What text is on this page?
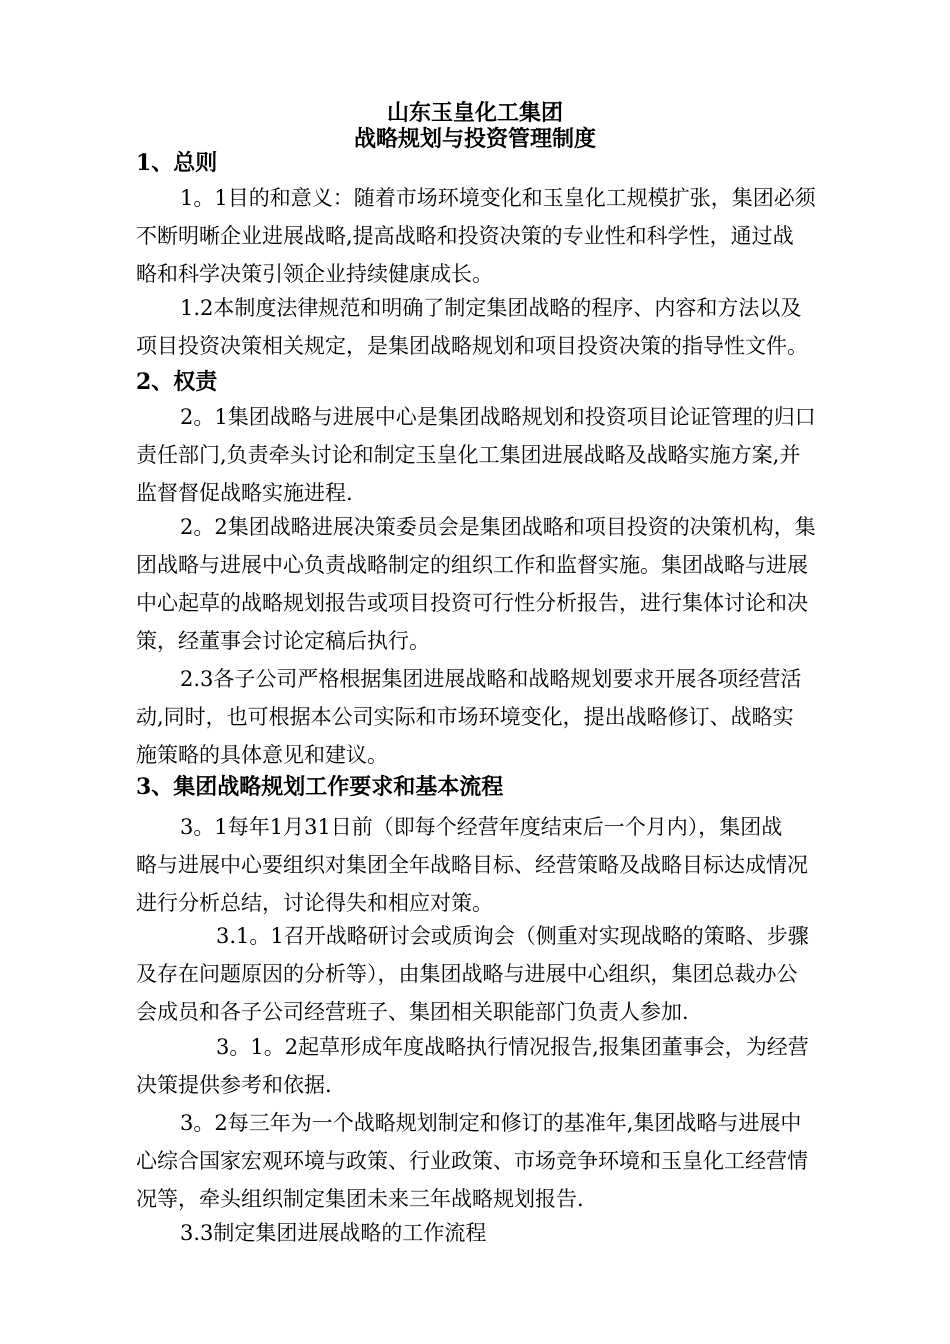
山东玉皇化工集团
战略规划与投资管理制度
1、总则
1。1目的和意义：随着市场环境变化和玉皇化工规模扩张，集团必须
不断明晰企业进展战略,提高战略和投资决策的专业性和科学性，通过战
略和科学决策引领企业持续健康成长。
1.2本制度法律规范和明确了制定集团战略的程序、内容和方法以及
项目投资决策相关规定，是集团战略规划和项目投资决策的指导性文件。
2、权责
2。1集团战略与进展中心是集团战略规划和投资项目论证管理的归口
责任部门,负责牵头讨论和制定玉皇化工集团进展战略及战略实施方案,并
监督督促战略实施进程.
2。2集团战略进展决策委员会是集团战略和项目投资的决策机构，集
团战略与进展中心负责战略制定的组织工作和监督实施。集团战略与进展
中心起草的战略规划报告或项目投资可行性分析报告，进行集体讨论和决
策，经董事会讨论定稿后执行。
2.3各子公司严格根据集团进展战略和战略规划要求开展各项经营活
动,同时，也可根据本公司实际和市场环境变化，提出战略修订、战略实
施策略的具体意见和建议。
3、集团战略规划工作要求和基本流程
3。1每年1月31日前（即每个经营年度结束后一个月内），集团战
略与进展中心要组织对集团全年战略目标、经营策略及战略目标达成情况
进行分析总结，讨论得失和相应对策。
3.1。1召开战略研讨会或质询会（侧重对实现战略的策略、步骤
及存在问题原因的分析等），由集团战略与进展中心组织，集团总裁办公
会成员和各子公司经营班子、集团相关职能部门负责人参加.
3。1。2起草形成年度战略执行情况报告,报集团董事会，为经营
决策提供参考和依据.
3。2每三年为一个战略规划制定和修订的基准年,集团战略与进展中
心综合国家宏观环境与政策、行业政策、市场竞争环境和玉皇化工经营情
况等，牵头组织制定集团未来三年战略规划报告.
3.3制定集团进展战略的工作流程
